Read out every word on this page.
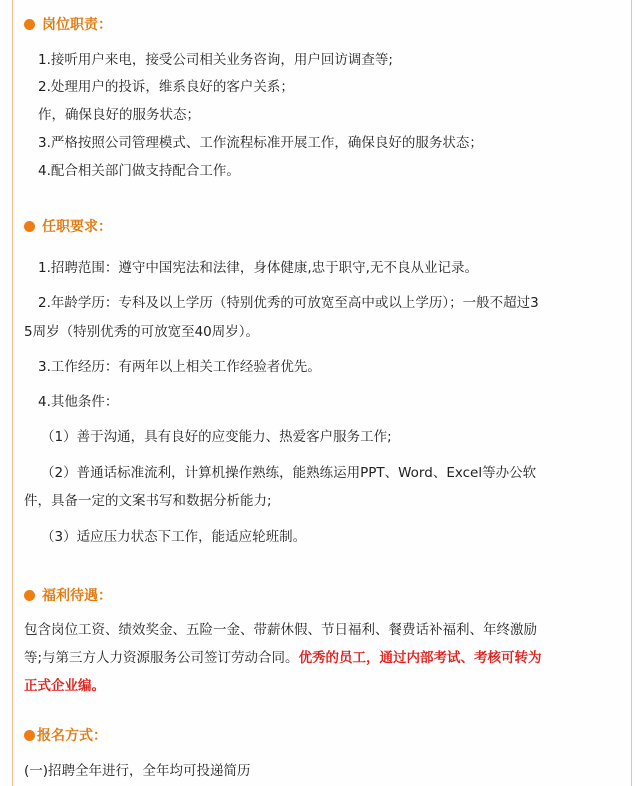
岗位职责：
1.接听用户来电，接受公司相关业务咨询，用户回访调查等;
2.处理用户的投诉，维系良好的客户关系；
作，确保良好的服务状态；
3.严格按照公司管理模式、工作流程标准开展工作，确保良好的服务状态；
4.配合相关部门做支持配合工作。
任职要求：
1.招聘范围：遵守中国宪法和法律，身体健康,忠于职守,无不良从业记录。
2.年龄学历：专科及以上学历（特别优秀的可放宽至高中或以上学历）；一般不超过3
5周岁（特别优秀的可放宽至40周岁）。
3.工作经历：有两年以上相关工作经验者优先。
4.其他条件：
（1）善于沟通，具有良好的应变能力、热爱客户服务工作;
（2）普通话标准流利，计算机操作熟练，能熟练运用PPT、Word、Excel等办公软
件，具备一定的文案书写和数据分析能力;
（3）适应压力状态下工作，能适应轮班制。
福利待遇：
包含岗位工资、绩效奖金、五险一金、带薪休假、节日福利、餐费话补福利、年终激励
等;与第三方人力资源服务公司签订劳动合同。优秀的员工，通过内部考试、考核可转为
正式企业编。
报名方式：
(一)招聘全年进行，全年均可投递简历
